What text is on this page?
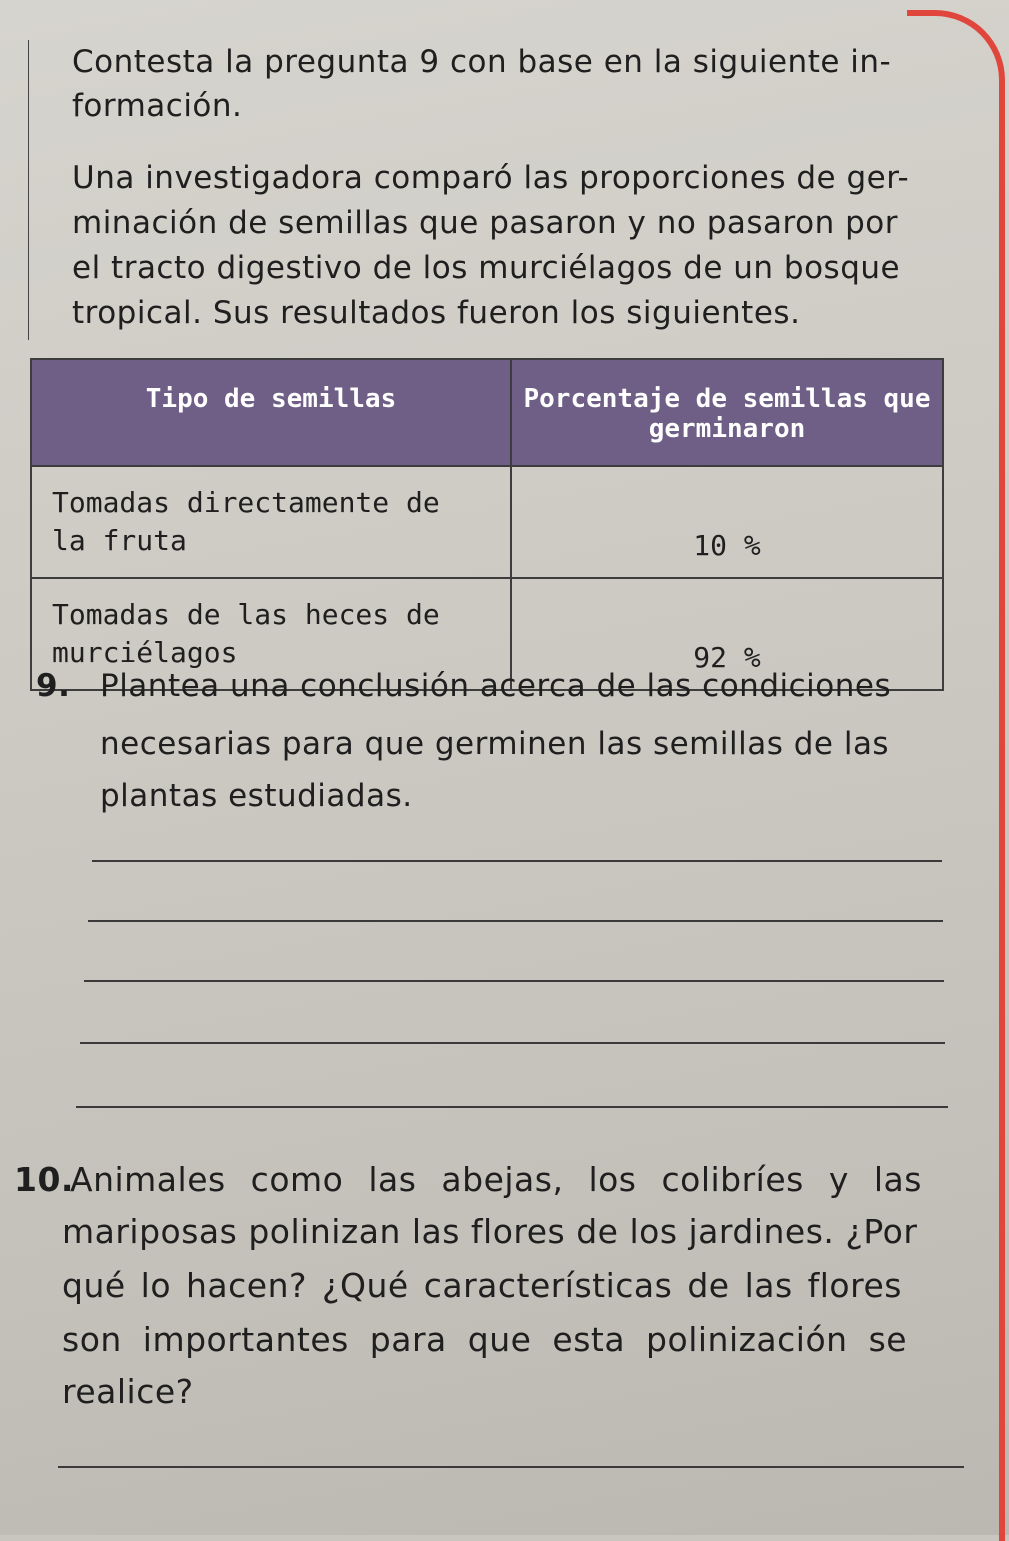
Contesta la pregunta 9 con base en la siguiente in-
formación.
Una investigadora comparó las proporciones de ger-
minación de semillas que pasaron y no pasaron por
el tracto digestivo de los murciélagos de un bosque
tropical. Sus resultados fueron los siguientes.
Tipo de semillas	Porcentaje de semillas que germinaron
Tomadas directamente de la fruta	10 %
Tomadas de las heces de murciélagos	92 %
9. Plantea una conclusión acerca de las condiciones
necesarias para que germinen las semillas de las
plantas estudiadas.
10.
Animales como las abejas, los colibríes y las
mariposas polinizan las flores de los jardines. ¿Por
qué lo hacen? ¿Qué características de las flores
son importantes para que esta polinización se
realice?
